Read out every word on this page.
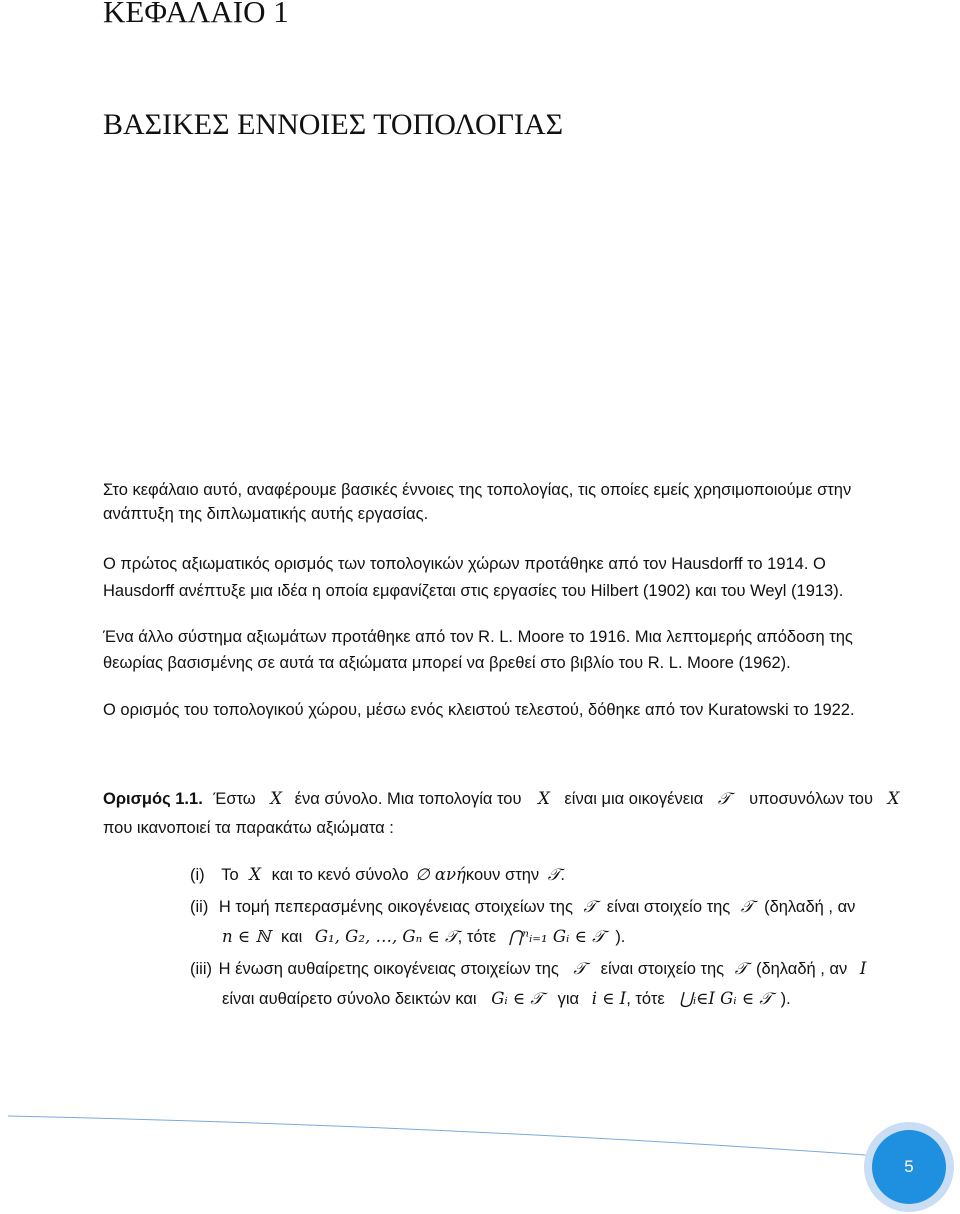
ΚΕΦΑΛΑΙΟ 1
ΒΑΣΙΚΕΣ ΕΝΝΟΙΕΣ ΤΟΠΟΛΟΓΙΑΣ
Στο κεφάλαιο αυτό, αναφέρουμε βασικές έννοιες της τοπολογίας, τις οποίες εμείς χρησιμοποιούμε στην
ανάπτυξη της διπλωματικής αυτής εργασίας.
Ο πρώτος αξιωματικός ορισμός των τοπολογικών χώρων προτάθηκε από τον Hausdorff το 1914. Ο
Hausdorff ανέπτυξε μια ιδέα η οποία εμφανίζεται στις εργασίες του Hilbert (1902) και του Weyl (1913).
Ένα άλλο σύστημα αξιωμάτων προτάθηκε από τον R. L. Moore το 1916. Μια λεπτομερής απόδοση της
θεωρίας βασισμένης σε αυτά τα αξιώματα μπορεί να βρεθεί στο βιβλίο του R. L. Moore (1962).
Ο ορισμός του τοπολογικού χώρου, μέσω ενός κλειστού τελεστού, δόθηκε από τον Kuratowski το 1922.
Ορισμός 1.1. Έστω X ένα σύνολο. Μια τοπολογία του X είναι μια οικογένεια 𝒯 υποσυνόλων του X
που ικανοποιεί τα παρακάτω αξιώματα :
(i) Το X και το κενό σύνολο ∅ ανήκουν στην 𝒯.
(ii) Η τομή πεπερασμένης οικογένειας στοιχείων της 𝒯 είναι στοιχείο της 𝒯 (δηλαδή , αν
n ∈ ℕ και G₁, G₂, …, Gₙ ∈ 𝒯, τότε ⋂ⁿᵢ₌₁ Gᵢ ∈ 𝒯 ).
(iii) Η ένωση αυθαίρετης οικογένειας στοιχείων της 𝒯 είναι στοιχείο της 𝒯 (δηλαδή , αν I
είναι αυθαίρετο σύνολο δεικτών και Gᵢ ∈ 𝒯 για i ∈ I, τότε ⋃ᵢ∈I Gᵢ ∈ 𝒯 ).
5
